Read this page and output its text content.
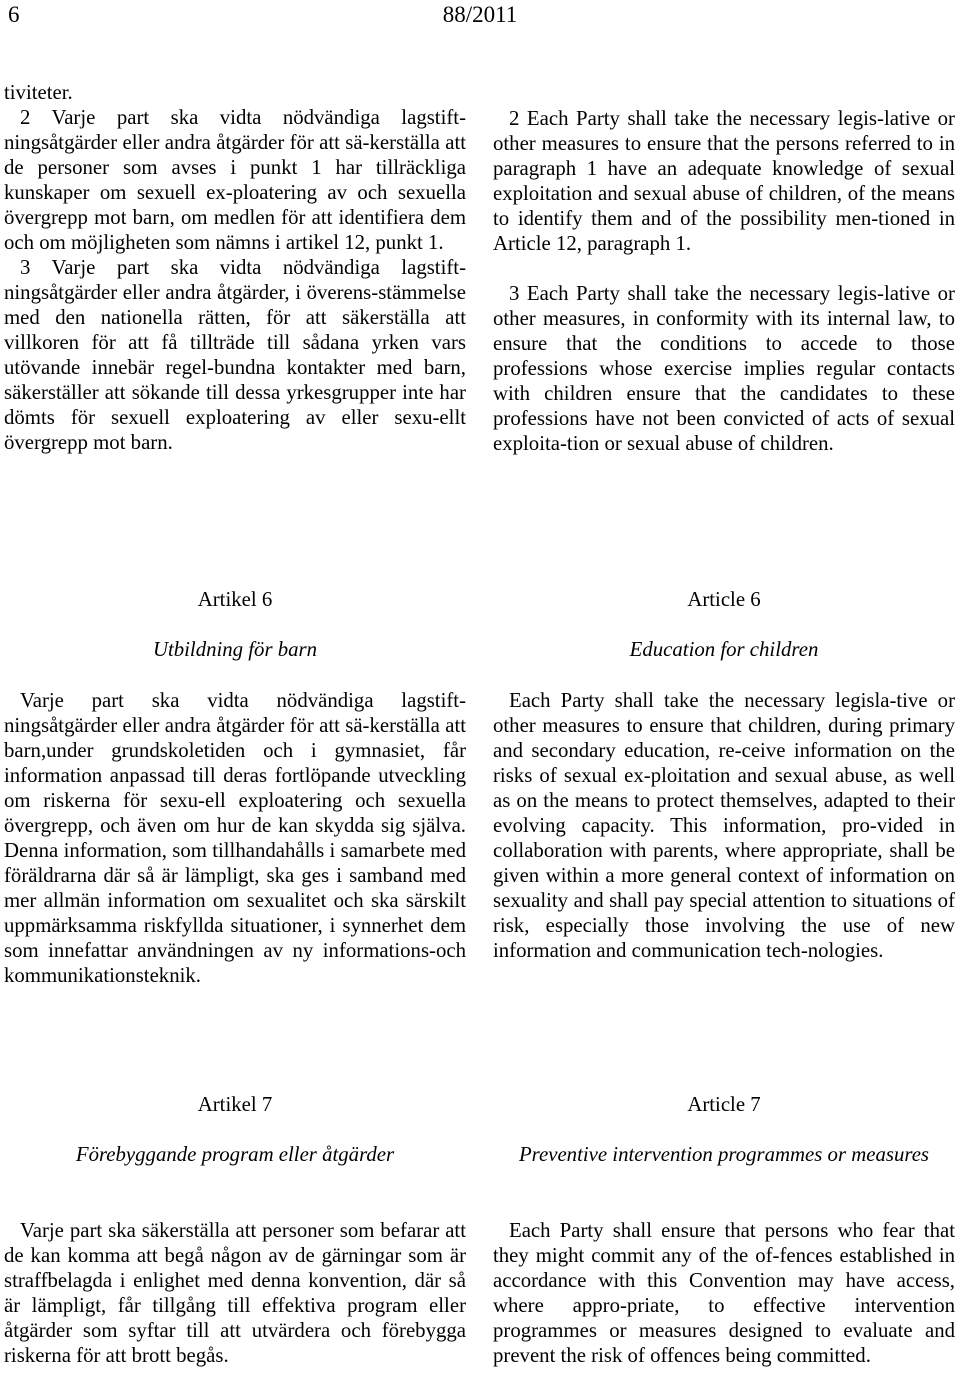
6	88/2011

tiviteter.

2 Varje part ska vidta nödvändiga lagstift-ningsåtgärder eller andra åtgärder för att sä-kerställa att de personer som avses i punkt 1 har tillräckliga kunskaper om sexuell ex-ploatering av och sexuella övergrepp mot barn, om medlen för att identifiera dem och om möjligheten som nämns i artikel 12, punkt 1.

3 Varje part ska vidta nödvändiga lagstift-ningsåtgärder eller andra åtgärder, i överens-stämmelse med den nationella rätten, för att säkerställa att villkoren för att få tillträde till sådana yrken vars utövande innebär regel-bundna kontakter med barn, säkerställer att sökande till dessa yrkesgrupper inte har dömts för sexuell exploatering av eller sexu-ellt övergrepp mot barn.

2 Each Party shall take the necessary legis-lative or other measures to ensure that the persons referred to in paragraph 1 have an adequate knowledge of sexual exploitation and sexual abuse of children, of the means to identify them and of the possibility men-tioned in Article 12, paragraph 1.

3 Each Party shall take the necessary legis-lative or other measures, in conformity with its internal law, to ensure that the conditions to accede to those professions whose exercise implies regular contacts with children ensure that the candidates to these professions have not been convicted of acts of sexual exploita-tion or sexual abuse of children.

Artikel 6
Utbildning för barn

Varje part ska vidta nödvändiga lagstift-ningsåtgärder eller andra åtgärder för att sä-kerställa att barn,under grundskoletiden och i gymnasiet, får information anpassad till deras fortlöpande utveckling om riskerna för sexu-ell exploatering och sexuella övergrepp, och även om hur de kan skydda sig själva. Denna information, som tillhandahålls i samarbete med föräldrarna där så är lämpligt, ska ges i samband med mer allmän information om sexualitet och ska särskilt uppmärksamma riskfyllda situationer, i synnerhet dem som innefattar användningen av ny informations-och kommunikationsteknik.

Article 6
Education for children

Each Party shall take the necessary legisla-tive or other measures to ensure that children, during primary and secondary education, re-ceive information on the risks of sexual ex-ploitation and sexual abuse, as well as on the means to protect themselves, adapted to their evolving capacity. This information, pro-vided in collaboration with parents, where appropriate, shall be given within a more general context of information on sexuality and shall pay special attention to situations of risk, especially those involving the use of new information and communication tech-nologies.

Artikel 7
Förebyggande program eller åtgärder

Varje part ska säkerställa att personer som befarar att de kan komma att begå någon av de gärningar som är straffbelagda i enlighet med denna konvention, där så är lämpligt, får tillgång till effektiva program eller åtgärder som syftar till att utvärdera och förebygga riskerna för att brott begås.

Article 7
Preventive intervention programmes or measures

Each Party shall ensure that persons who fear that they might commit any of the of-fences established in accordance with this Convention may have access, where appro-priate, to effective intervention programmes or measures designed to evaluate and prevent the risk of offences being committed.
